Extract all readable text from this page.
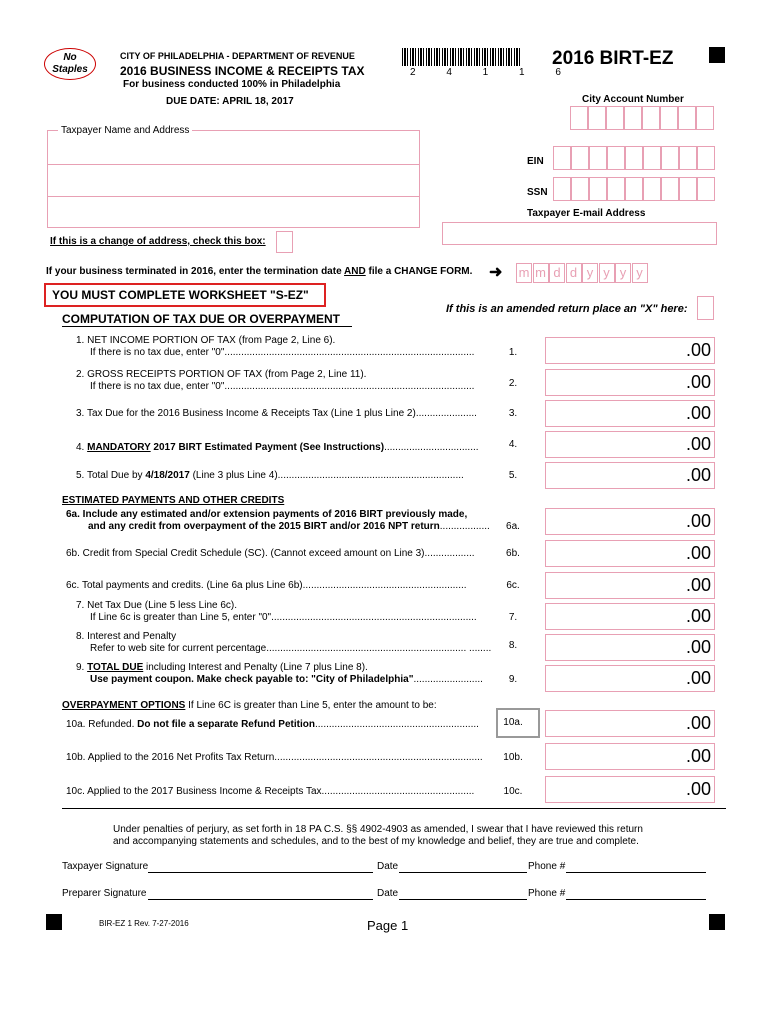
No
Staples
CITY OF PHILADELPHIA - DEPARTMENT OF REVENUE
2016 BUSINESS INCOME & RECEIPTS TAX
For business conducted 100% in Philadelphia
DUE DATE: APRIL 18, 2017
2 4 1 1 6
2016 BIRT-EZ
City Account Number
Taxpayer Name and Address
EIN
SSN
Taxpayer E-mail Address
If this is a change of address, check this box:
If your business terminated in 2016, enter the termination date AND file a CHANGE FORM. ➜ m m d d y y y y
YOU MUST COMPLETE WORKSHEET "S-EZ"
If this is an amended return place an "X" here:
COMPUTATION OF TAX DUE OR OVERPAYMENT
1. NET INCOME PORTION OF TAX (from Page 2, Line 6).
If there is no tax due, enter "0"..........................................................................................	1.	.00
2. GROSS RECEIPTS PORTION OF TAX (from Page 2, Line 11).
If there is no tax due, enter "0"..........................................................................................	2.	.00
3. Tax Due for the 2016 Business Income & Receipts Tax (Line 1 plus Line 2)......................	3.	.00
4. MANDATORY 2017 BIRT Estimated Payment (See Instructions)..................................	4.	.00
5. Total Due by 4/18/2017 (Line 3 plus Line 4)...................................................................	5.	.00
ESTIMATED PAYMENTS AND OTHER CREDITS
6a. Include any estimated and/or extension payments of 2016 BIRT previously made,
and any credit from overpayment of the 2015 BIRT and/or 2016 NPT return..................	6a.	.00
6b. Credit from Special Credit Schedule (SC). (Cannot exceed amount on Line 3)..................	6b.	.00
6c. Total payments and credits. (Line 6a plus Line 6b)...........................................................	6c.	.00
7. Net Tax Due (Line 5 less Line 6c).
If Line 6c is greater than Line 5, enter "0"..........................................................................	7.	.00
8. Interest and Penalty
Refer to web site for current percentage........................................................................ ........	8.	.00
9. TOTAL DUE including Interest and Penalty (Line 7 plus Line 8).
Use payment coupon. Make check payable to: "City of Philadelphia".........................	9.	.00
OVERPAYMENT OPTIONS If Line 6C is greater than Line 5, enter the amount to be:
10a. Refunded. Do not file a separate Refund Petition...........................................................	10a.	.00
10b. Applied to the 2016 Net Profits Tax Return...........................................................................	10b.	.00
10c. Applied to the 2017 Business Income & Receipts Tax.......................................................	10c.	.00
Under penalties of perjury, as set forth in 18 PA C.S. §§ 4902-4903 as amended, I swear that I have reviewed this return
and accompanying statements and schedules, and to the best of my knowledge and belief, they are true and complete.
Taxpayer Signature	Date	Phone #
Preparer Signature	Date	Phone #
BIR-EZ 1 Rev. 7-27-2016	Page 1
